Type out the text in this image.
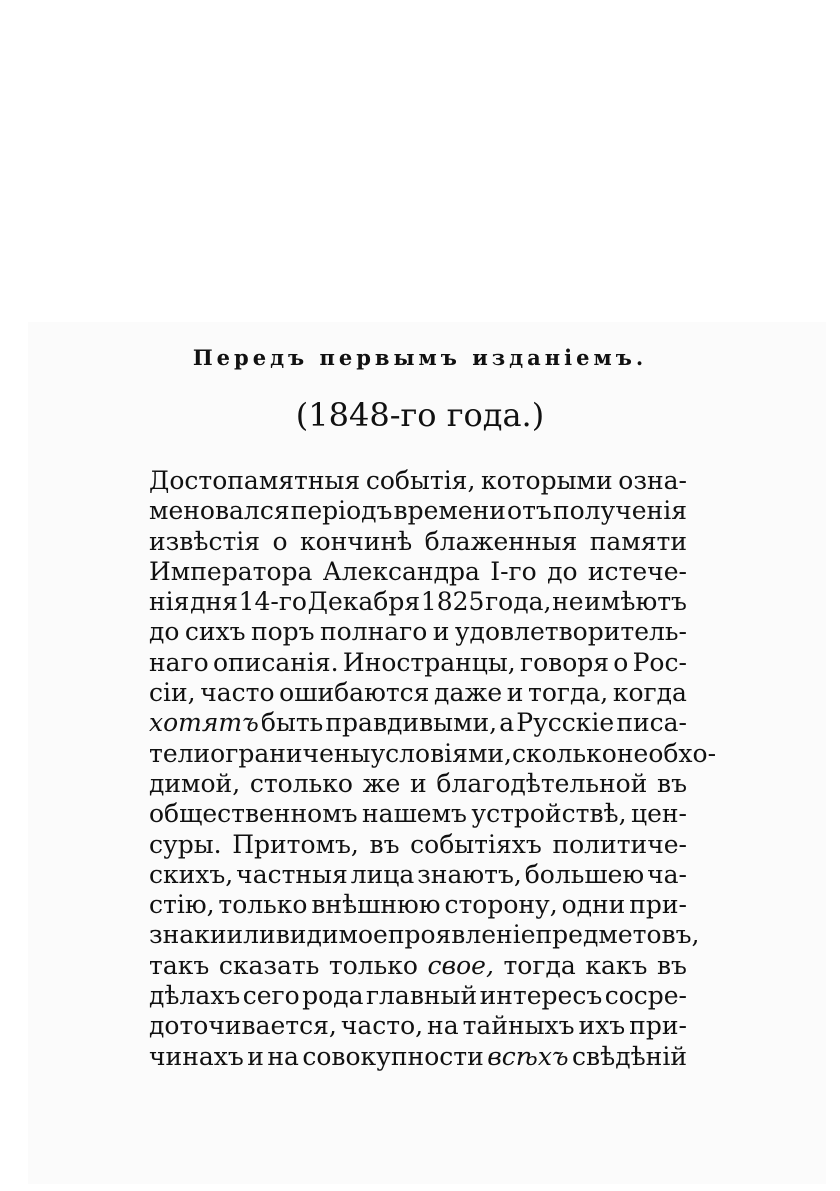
Передъ первымъ изданіемъ.
(1848-го года.)
Достопамятныя событія, которыми озна-
меновался періодъ времени отъ полученія
извѣстія о кончинѣ блаженныя памяти
Императора Александра I-го до истече-
нія дня 14-го Декабря 1825 года, не имѣютъ
до сихъ поръ полнаго и удовлетворитель-
наго описанія. Иностранцы, говоря о Рос-
сіи, часто ошибаются даже и тогда, когда
хотятъ быть правдивыми, а Русскіе писа-
тели ограничены условіями, сколько необхо-
димой, столько же и благодѣтельной въ
общественномъ нашемъ устройствѣ, цен-
суры. Притомъ, въ событіяхъ политиче-
скихъ, частныя лица знаютъ, большею ча-
стію, только внѣшнюю сторону, одни при-
знаки или видимое проявленіе предметовъ,
такъ сказать только свое, тогда какъ въ
дѣлахъ сего рода главный интересъ сосре-
доточивается, часто, на тайныхъ ихъ при-
чинахъ и на совокупности всѣхъ свѣдѣній
